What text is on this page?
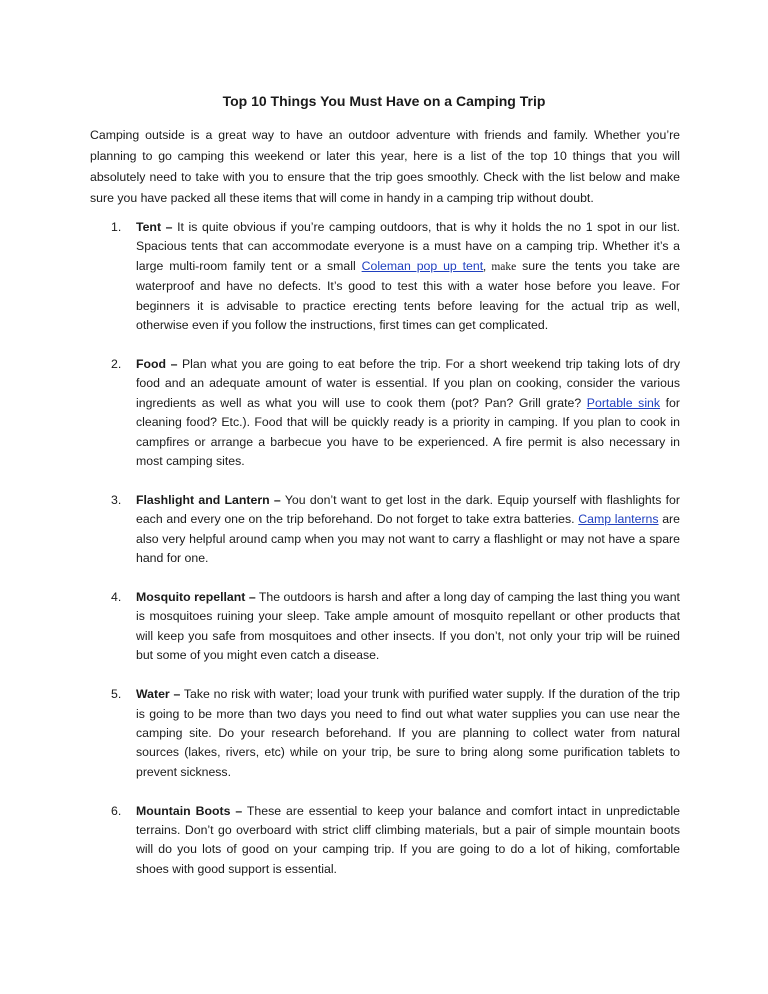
Top 10 Things You Must Have on a Camping Trip

Camping outside is a great way to have an outdoor adventure with friends and family. Whether you’re planning to go camping this weekend or later this year, here is a list of the top 10 things that you will absolutely need to take with you to ensure that the trip goes smoothly. Check with the list below and make sure you have packed all these items that will come in handy in a camping trip without doubt.

1. Tent – It is quite obvious if you’re camping outdoors, that is why it holds the no 1 spot in our list. Spacious tents that can accommodate everyone is a must have on a camping trip. Whether it’s a large multi-room family tent or a small Coleman pop up tent, make sure the tents you take are waterproof and have no defects. It’s good to test this with a water hose before you leave. For beginners it is advisable to practice erecting tents before leaving for the actual trip as well, otherwise even if you follow the instructions, first times can get complicated.
2. Food – Plan what you are going to eat before the trip. For a short weekend trip taking lots of dry food and an adequate amount of water is essential. If you plan on cooking, consider the various ingredients as well as what you will use to cook them (pot? Pan? Grill grate? Portable sink for cleaning food? Etc.). Food that will be quickly ready is a priority in camping. If you plan to cook in campfires or arrange a barbecue you have to be experienced. A fire permit is also necessary in most camping sites.
3. Flashlight and Lantern – You don’t want to get lost in the dark. Equip yourself with flashlights for each and every one on the trip beforehand. Do not forget to take extra batteries. Camp lanterns are also very helpful around camp when you may not want to carry a flashlight or may not have a spare hand for one.
4. Mosquito repellant – The outdoors is harsh and after a long day of camping the last thing you want is mosquitoes ruining your sleep. Take ample amount of mosquito repellant or other products that will keep you safe from mosquitoes and other insects. If you don’t, not only your trip will be ruined but some of you might even catch a disease.
5. Water – Take no risk with water; load your trunk with purified water supply. If the duration of the trip is going to be more than two days you need to find out what water supplies you can use near the camping site. Do your research beforehand. If you are planning to collect water from natural sources (lakes, rivers, etc) while on your trip, be sure to bring along some purification tablets to prevent sickness.
6. Mountain Boots – These are essential to keep your balance and comfort intact in unpredictable terrains. Don’t go overboard with strict cliff climbing materials, but a pair of simple mountain boots will do you lots of good on your camping trip. If you are going to do a lot of hiking, comfortable shoes with good support is essential.
